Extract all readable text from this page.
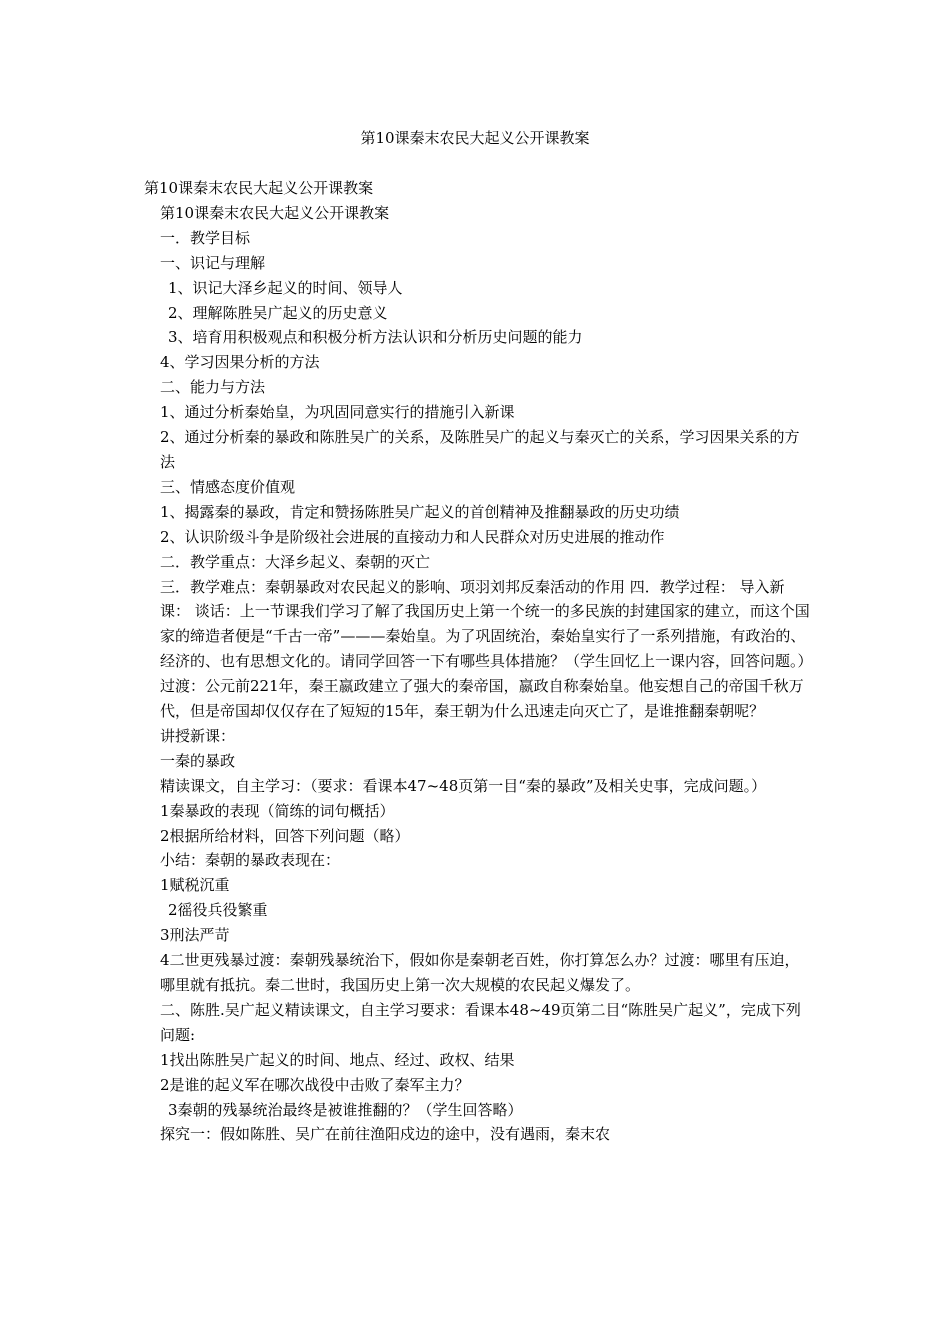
第10课秦末农民大起义公开课教案

第10课秦末农民大起义公开课教案

第10课秦末农民大起义公开课教案

一．教学目标

一、识记与理解

1、识记大泽乡起义的时间、领导人

2、理解陈胜吴广起义的历史意义

3、培育用积极观点和积极分析方法认识和分析历史问题的能力

4、学习因果分析的方法

二、能力与方法

1、通过分析秦始皇，为巩固同意实行的措施引入新课

2、通过分析秦的暴政和陈胜吴广的关系，及陈胜吴广的起义与秦灭亡的关系，学习因果关系的方法

三、情感态度价值观

1、揭露秦的暴政，肯定和赞扬陈胜吴广起义的首创精神及推翻暴政的历史功绩

2、认识阶级斗争是阶级社会进展的直接动力和人民群众对历史进展的推动作

二．教学重点：大泽乡起义、秦朝的灭亡

三．教学难点：秦朝暴政对农民起义的影响、项羽刘邦反秦活动的作用 四．教学过程： 导入新课： 谈话：上一节课我们学习了解了我国历史上第一个统一的多民族的封建国家的建立，而这个国家的缔造者便是“千古一帝”———秦始皇。为了巩固统治，秦始皇实行了一系列措施，有政治的、经济的、也有思想文化的。请同学回答一下有哪些具体措施？（学生回忆上一课内容，回答问题。）

过渡：公元前221年，秦王嬴政建立了强大的秦帝国，嬴政自称秦始皇。他妄想自己的帝国千秋万代，但是帝国却仅仅存在了短短的15年，秦王朝为什么迅速走向灭亡了，是谁推翻秦朝呢？

讲授新课：

一秦的暴政

精读课文，自主学习：（要求：看课本47~48页第一目“秦的暴政”及相关史事，完成问题。）

1秦暴政的表现（简练的词句概括）

2根据所给材料，回答下列问题（略）

小结：秦朝的暴政表现在：

1赋税沉重

2徭役兵役繁重

3刑法严苛

4二世更残暴过渡：秦朝残暴统治下，假如你是秦朝老百姓，你打算怎么办？过渡：哪里有压迫，哪里就有抵抗。秦二世时，我国历史上第一次大规模的农民起义爆发了。

二、陈胜.吴广起义精读课文，自主学习要求：看课本48~49页第二目“陈胜吴广起义”，完成下列问题:

1找出陈胜吴广起义的时间、地点、经过、政权、结果

2是谁的起义军在哪次战役中击败了秦军主力？

3秦朝的残暴统治最终是被谁推翻的？（学生回答略）

探究一：假如陈胜、吴广在前往渔阳戍边的途中，没有遇雨，秦末农
